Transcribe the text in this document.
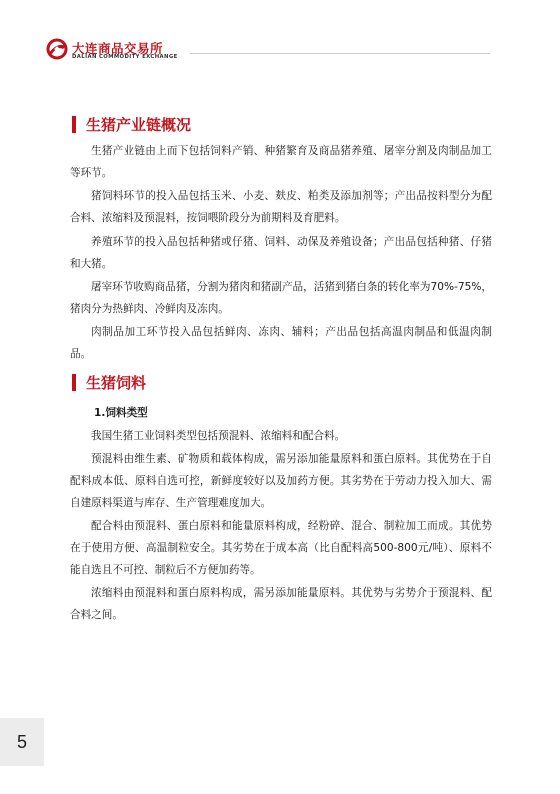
大连商品交易所
DALIAN COMMODITY EXCHANGE
生猪产业链概况

生猪产业链由上而下包括饲料产销、种猪繁育及商品猪养殖、屠宰分割及肉制品加工等环节。

猪饲料环节的投入品包括玉米、小麦、麸皮、粕类及添加剂等；产出品按料型分为配合料、浓缩料及预混料，按饲喂阶段分为前期料及育肥料。

养殖环节的投入品包括种猪或仔猪、饲料、动保及养殖设备；产出品包括种猪、仔猪和大猪。

屠宰环节收购商品猪，分割为猪肉和猪副产品，活猪到猪白条的转化率为70%-75%，猪肉分为热鲜肉、冷鲜肉及冻肉。

肉制品加工环节投入品包括鲜肉、冻肉、辅料；产出品包括高温肉制品和低温肉制品。

生猪饲料
1.饲料类型

我国生猪工业饲料类型包括预混料、浓缩料和配合料。

预混料由维生素、矿物质和载体构成，需另添加能量原料和蛋白原料。其优势在于自配料成本低、原料自选可控，新鲜度较好以及加药方便。其劣势在于劳动力投入加大、需自建原料渠道与库存、生产管理难度加大。

配合料由预混料、蛋白原料和能量原料构成，经粉碎、混合、制粒加工而成。其优势在于使用方便、高温制粒安全。其劣势在于成本高（比自配料高500-800元/吨）、原料不能自选且不可控、制粒后不方便加药等。

浓缩料由预混料和蛋白原料构成，需另添加能量原料。其优势与劣势介于预混料、配合料之间。

5
